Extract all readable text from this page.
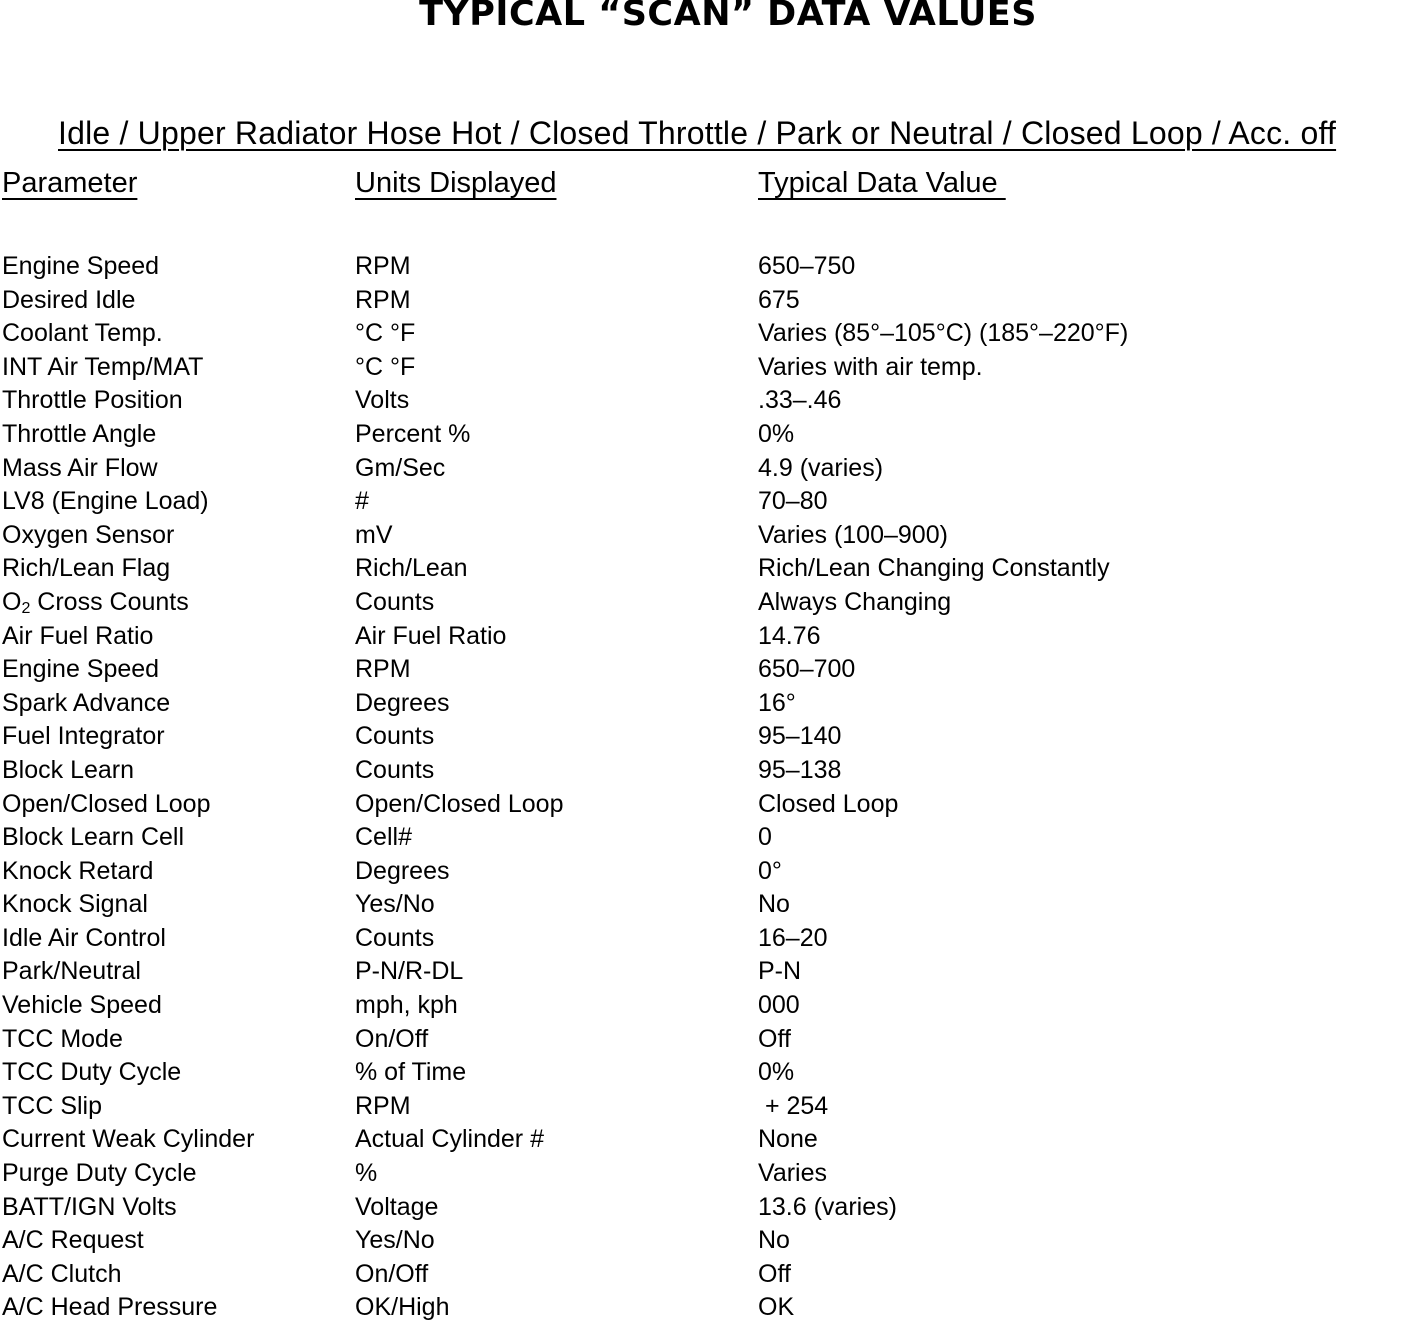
TYPICAL “SCAN” DATA VALUES
Idle / Upper Radiator Hose Hot / Closed Throttle / Park or Neutral / Closed Loop / Acc. off
Parameter	Units Displayed	Typical Data Value
Engine Speed	RPM	650–750
Desired Idle	RPM	675
Coolant Temp.	°C °F	Varies (85°–105°C) (185°–220°F)
INT Air Temp/MAT	°C °F	Varies with air temp.
Throttle Position	Volts	.33–.46
Throttle Angle	Percent %	0%
Mass Air Flow	Gm/Sec	4.9 (varies)
LV8 (Engine Load)	#	70–80
Oxygen Sensor	mV	Varies (100–900)
Rich/Lean Flag	Rich/Lean	Rich/Lean Changing Constantly
$O_2$ Cross Counts	Counts	Always Changing
Air Fuel Ratio	Air Fuel Ratio	14.76
Engine Speed	RPM	650–700
Spark Advance	Degrees	16°
Fuel Integrator	Counts	95–140
Block Learn	Counts	95–138
Open/Closed Loop	Open/Closed Loop	Closed Loop
Block Learn Cell	Cell#	0
Knock Retard	Degrees	0°
Knock Signal	Yes/No	No
Idle Air Control	Counts	16–20
Park/Neutral	P-N/R-DL	P-N
Vehicle Speed	mph, kph	000
TCC Mode	On/Off	Off
TCC Duty Cycle	% of Time	0%
TCC Slip	RPM	+ 254
Current Weak Cylinder	Actual Cylinder #	None
Purge Duty Cycle	%	Varies
BATT/IGN Volts	Voltage	13.6 (varies)
A/C Request	Yes/No	No
A/C Clutch	On/Off	Off
A/C Head Pressure	OK/High	OK
